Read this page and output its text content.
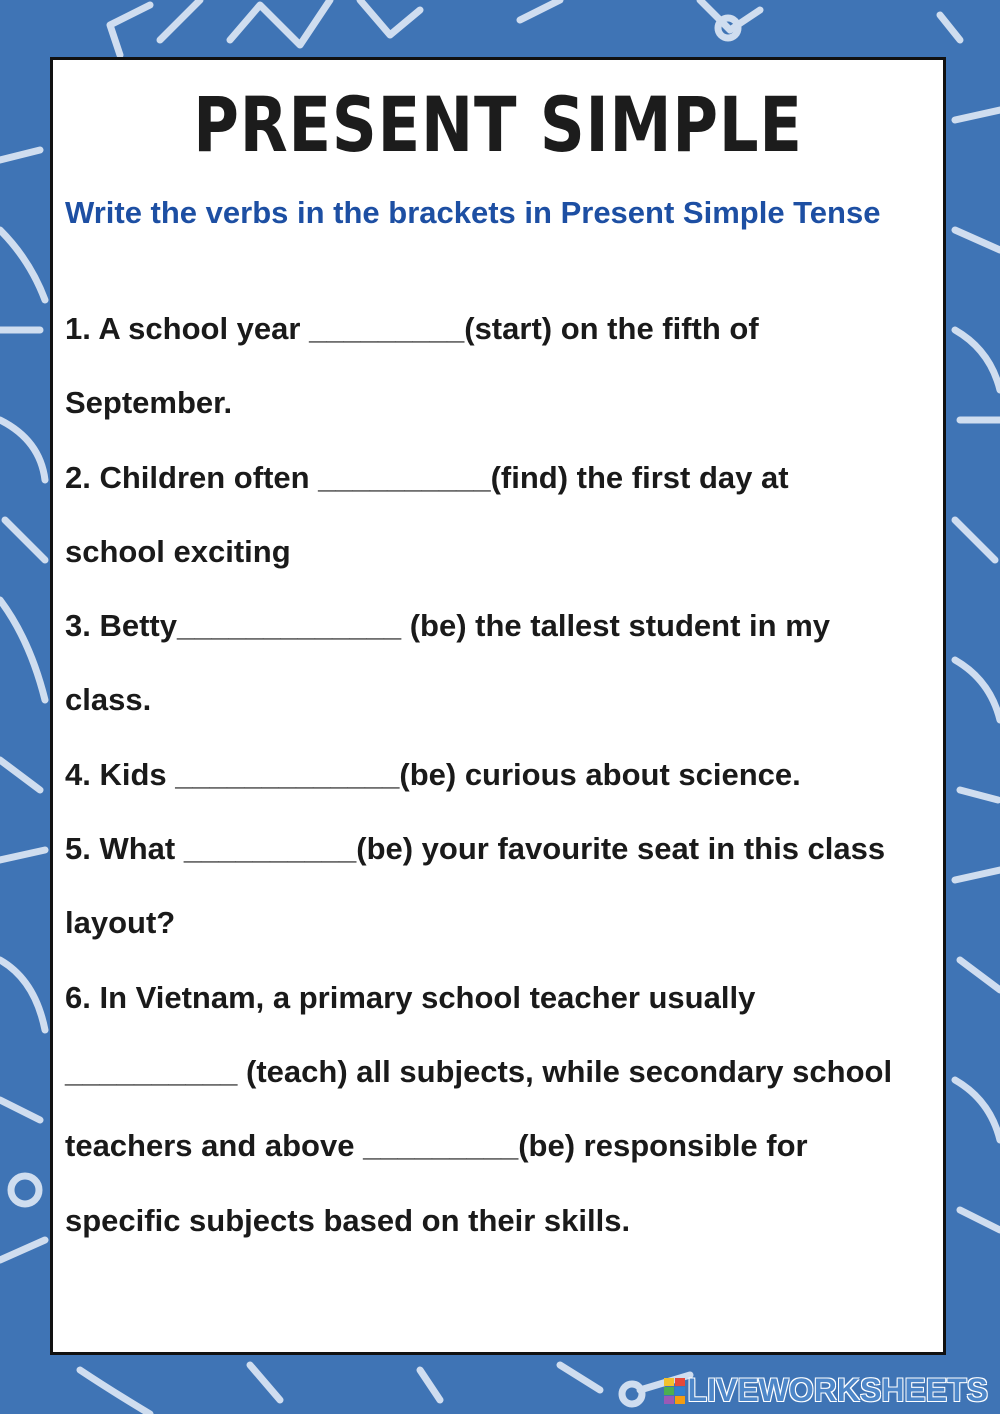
PRESENT SIMPLE
Write the verbs in the brackets in Present Simple Tense
1. A school year _________(start) on the fifth of
September.
2. Children often __________(find) the first day at
school exciting
3. Betty_____________ (be) the tallest student in my
class.
4. Kids _____________(be) curious about science.
5. What __________(be) your favourite seat in this class
layout?
6. In Vietnam, a primary school teacher usually
__________ (teach) all subjects, while secondary school
teachers and above _________(be) responsible for
specific subjects based on their skills.
LIVEWORKSHEETS
